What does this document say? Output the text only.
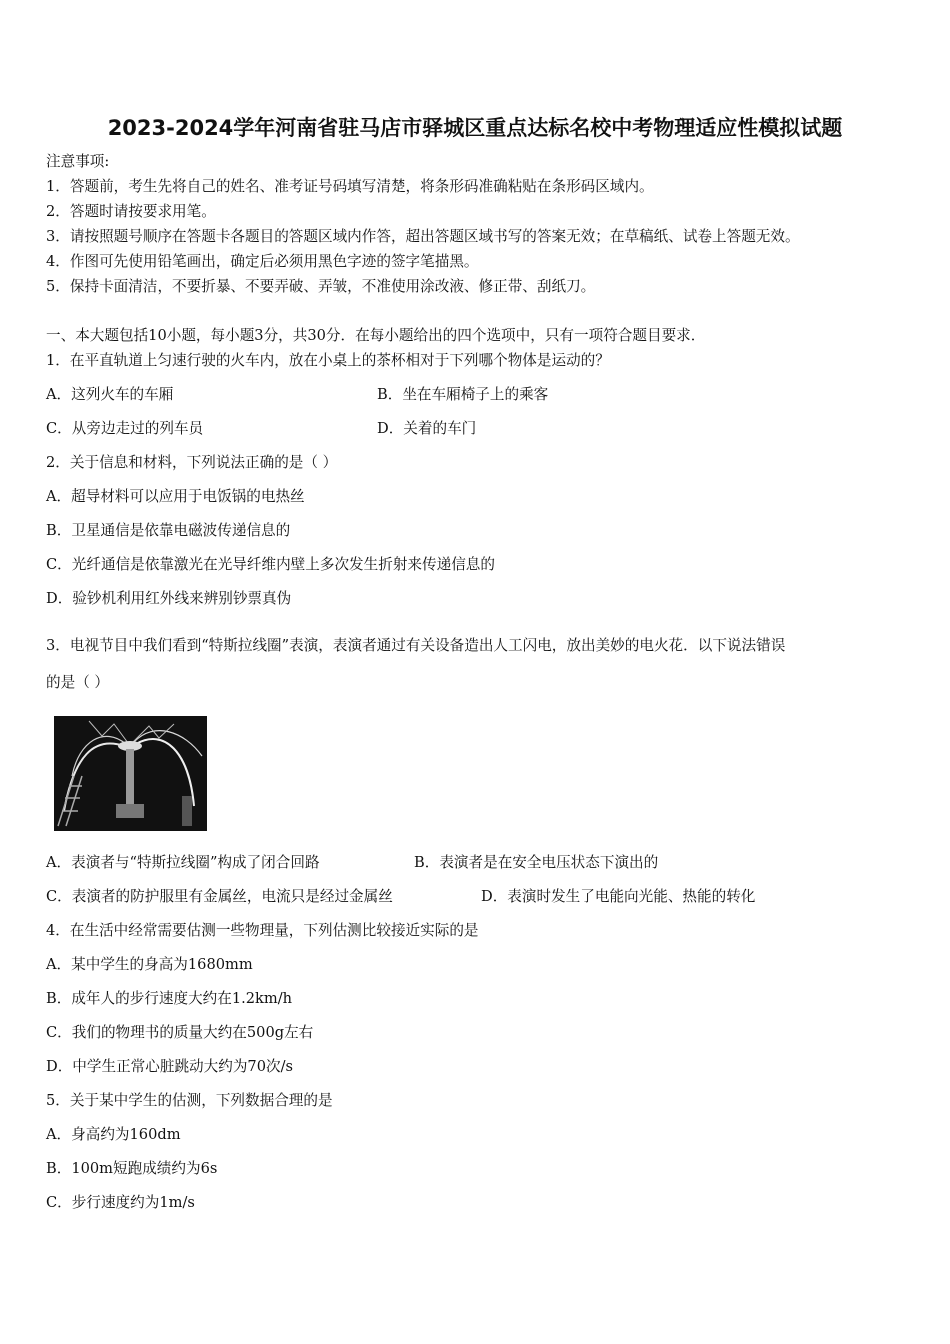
2023-2024学年河南省驻马店市驿城区重点达标名校中考物理适应性模拟试题
注意事项:
1．答题前，考生先将自己的姓名、准考证号码填写清楚，将条形码准确粘贴在条形码区域内。
2．答题时请按要求用笔。
3．请按照题号顺序在答题卡各题目的答题区域内作答，超出答题区域书写的答案无效；在草稿纸、试卷上答题无效。
4．作图可先使用铅笔画出，确定后必须用黑色字迹的签字笔描黑。
5．保持卡面清洁，不要折暴、不要弄破、弄皱，不准使用涂改液、修正带、刮纸刀。
一、本大题包括10小题，每小题3分，共30分．在每小题给出的四个选项中，只有一项符合题目要求．
1．在平直轨道上匀速行驶的火车内，放在小桌上的茶杯相对于下列哪个物体是运动的？
A．这列火车的车厢	B．坐在车厢椅子上的乘客
C．从旁边走过的列车员	D．关着的车门
2．关于信息和材料，下列说法正确的是（ ）
A．超导材料可以应用于电饭锅的电热丝
B．卫星通信是依靠电磁波传递信息的
C．光纤通信是依靠激光在光导纤维内壁上多次发生折射来传递信息的
D．验钞机利用红外线来辨别钞票真伪
3．电视节目中我们看到“特斯拉线圈”表演，表演者通过有关设备造出人工闪电，放出美妙的电火花．以下说法错误
的是（ ）
A．表演者与“特斯拉线圈”构成了闭合回路	B．表演者是在安全电压状态下演出的
C．表演者的防护服里有金属丝，电流只是经过金属丝	D．表演时发生了电能向光能、热能的转化
4．在生活中经常需要估测一些物理量，下列估测比较接近实际的是
A．某中学生的身高为1680mm
B．成年人的步行速度大约在1.2km/h
C．我们的物理书的质量大约在500g左右
D．中学生正常心脏跳动大约为70次/s
5．关于某中学生的估测，下列数据合理的是
A．身高约为160dm
B．100m短跑成绩约为6s
C．步行速度约为1m/s
